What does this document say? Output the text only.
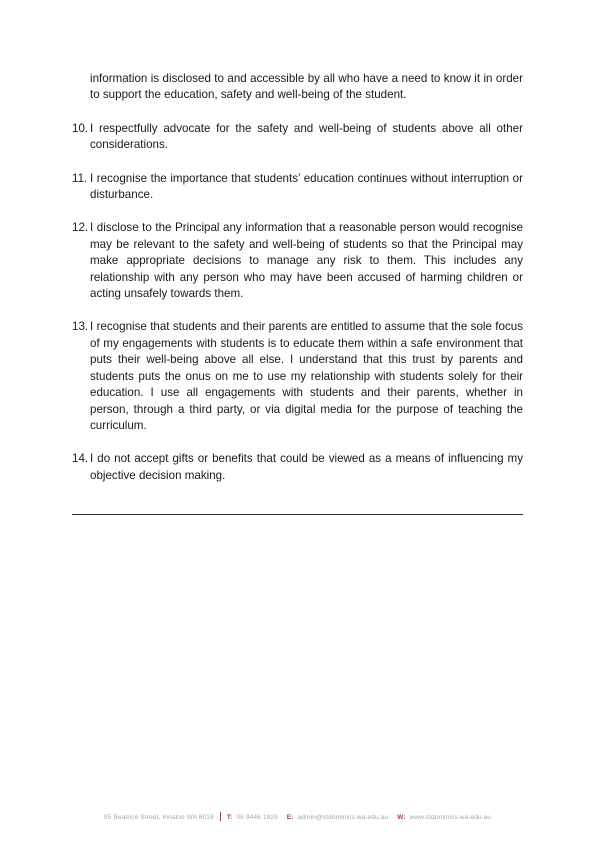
information is disclosed to and accessible by all who have a need to know it in order to support the education, safety and well-being of the student.

10. I respectfully advocate for the safety and well-being of students above all other considerations.
11. I recognise the importance that students’ education continues without interruption or disturbance.
12. I disclose to the Principal any information that a reasonable person would recognise may be relevant to the safety and well-being of students so that the Principal may make appropriate decisions to manage any risk to them. This includes any relationship with any person who may have been accused of harming children or acting unsafely towards them.
13. I recognise that students and their parents are entitled to assume that the sole focus of my engagements with students is to educate them within a safe environment that puts their well-being above all else. I understand that this trust by parents and students puts the onus on me to use my relationship with students solely for their education. I use all engagements with students and their parents, whether in person, through a third party, or via digital media for the purpose of teaching the curriculum.
14. I do not accept gifts or benefits that could be viewed as a means of influencing my objective decision making.
95 Beatrice Street, Innaloo WA 6018 T: 08 9446 1929 E: admin@stdominics.wa.edu.au W: www.stdominics.wa.edu.au
